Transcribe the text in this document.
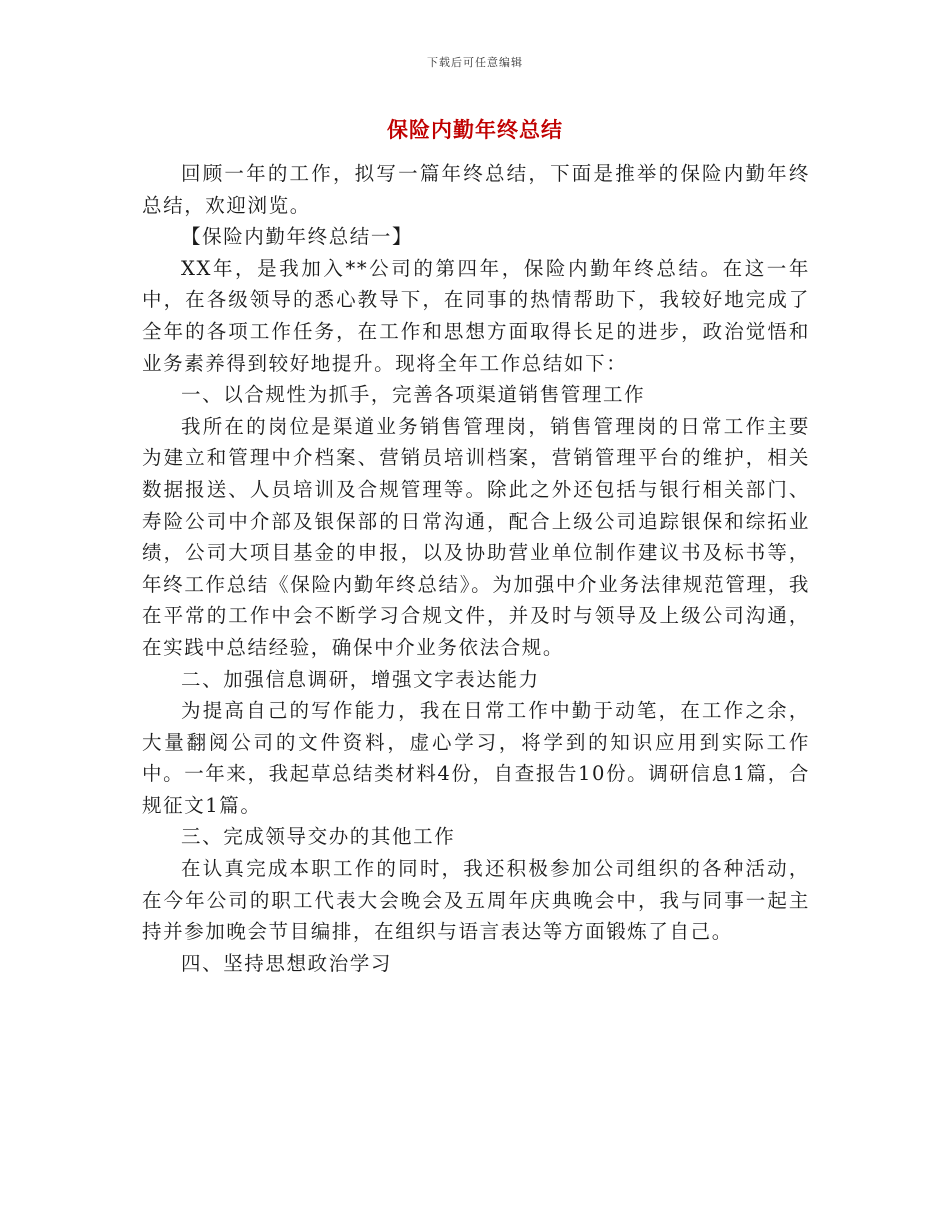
下载后可任意编辑
保险内勤年终总结

回顾一年的工作，拟写一篇年终总结，下面是推举的保险内勤年终总结，欢迎浏览。

【保险内勤年终总结一】

XX年，是我加入**公司的第四年，保险内勤年终总结。在这一年中，在各级领导的悉心教导下，在同事的热情帮助下，我较好地完成了全年的各项工作任务，在工作和思想方面取得长足的进步，政治觉悟和业务素养得到较好地提升。现将全年工作总结如下：

一、以合规性为抓手，完善各项渠道销售管理工作

我所在的岗位是渠道业务销售管理岗，销售管理岗的日常工作主要为建立和管理中介档案、营销员培训档案，营销管理平台的维护，相关数据报送、人员培训及合规管理等。除此之外还包括与银行相关部门、寿险公司中介部及银保部的日常沟通，配合上级公司追踪银保和综拓业绩，公司大项目基金的申报，以及协助营业单位制作建议书及标书等，年终工作总结《保险内勤年终总结》。为加强中介业务法律规范管理，我在平常的工作中会不断学习合规文件，并及时与领导及上级公司沟通，在实践中总结经验，确保中介业务依法合规。

二、加强信息调研，增强文字表达能力

为提高自己的写作能力，我在日常工作中勤于动笔，在工作之余，大量翻阅公司的文件资料，虚心学习，将学到的知识应用到实际工作中。一年来，我起草总结类材料4份，自查报告10份。调研信息1篇，合规征文1篇。

三、完成领导交办的其他工作

在认真完成本职工作的同时，我还积极参加公司组织的各种活动，在今年公司的职工代表大会晚会及五周年庆典晚会中，我与同事一起主持并参加晚会节目编排，在组织与语言表达等方面锻炼了自己。

四、坚持思想政治学习
